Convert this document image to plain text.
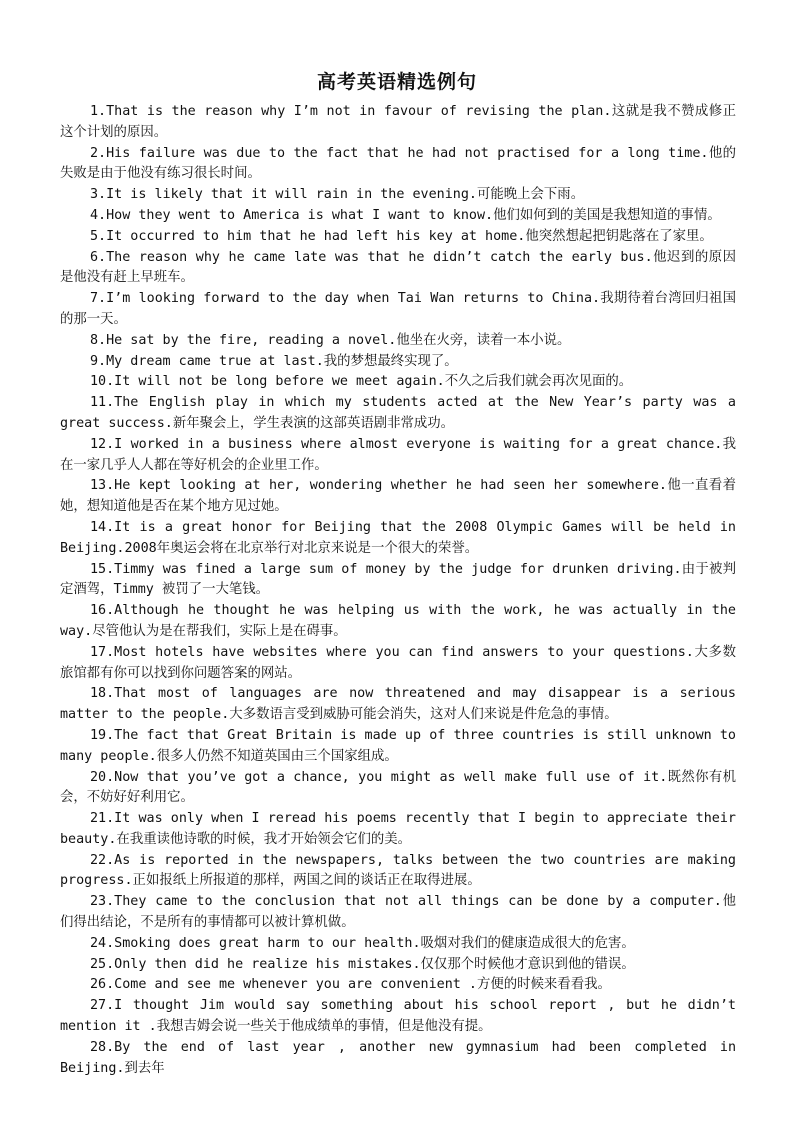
高考英语精选例句

1.That is the reason why I’m not in favour of revising the plan.这就是我不赞成修正这个计划的原因。

2.His failure was due to the fact that he had not practised for a long time.他的失败是由于他没有练习很长时间。

3.It is likely that it will rain in the evening.可能晚上会下雨。

4.How they went to America is what I want to know.他们如何到的美国是我想知道的事情。

5.It occurred to him that he had left his key at home.他突然想起把钥匙落在了家里。

6.The reason why he came late was that he didn’t catch the early bus.他迟到的原因是他没有赶上早班车。

7.I’m looking forward to the day when Tai Wan returns to China.我期待着台湾回归祖国的那一天。

8.He sat by the fire, reading a novel.他坐在火旁，读着一本小说。

9.My dream came true at last.我的梦想最终实现了。

10.It will not be long before we meet again.不久之后我们就会再次见面的。

11.The English play in which my students acted at the New Year’s party was a great success.新年聚会上，学生表演的这部英语剧非常成功。

12.I worked in a business where almost everyone is waiting for a great chance.我在一家几乎人人都在等好机会的企业里工作。

13.He kept looking at her, wondering whether he had seen her somewhere.他一直看着她，想知道他是否在某个地方见过她。

14.It is a great honor for Beijing that the 2008 Olympic Games will be held in Beijing.2008年奥运会将在北京举行对北京来说是一个很大的荣誉。

15.Timmy was fined a large sum of money by the judge for drunken driving.由于被判定酒驾，Timmy 被罚了一大笔钱。

16.Although he thought he was helping us with the work, he was actually in the way.尽管他认为是在帮我们，实际上是在碍事。

17.Most hotels have websites where you can find answers to your questions.大多数旅馆都有你可以找到你问题答案的网站。

18.That most of languages are now threatened and may disappear is a serious matter to the people.大多数语言受到威胁可能会消失，这对人们来说是件危急的事情。

19.The fact that Great Britain is made up of three countries is still unknown to many people.很多人仍然不知道英国由三个国家组成。

20.Now that you’ve got a chance, you might as well make full use of it.既然你有机会，不妨好好利用它。

21.It was only when I reread his poems recently that I begin to appreciate their beauty.在我重读他诗歌的时候，我才开始领会它们的美。

22.As is reported in the newspapers, talks between the two countries are making progress.正如报纸上所报道的那样，两国之间的谈话正在取得进展。

23.They came to the conclusion that not all things can be done by a computer.他们得出结论，不是所有的事情都可以被计算机做。

24.Smoking does great harm to our health.吸烟对我们的健康造成很大的危害。

25.Only then did he realize his mistakes.仅仅那个时候他才意识到他的错误。

26.Come and see me whenever you are convenient .方便的时候来看看我。

27.I thought Jim would say something about his school report , but he didn’t mention it .我想吉姆会说一些关于他成绩单的事情，但是他没有提。

28.By the end of last year , another new gymnasium had been completed in Beijing.到去年
